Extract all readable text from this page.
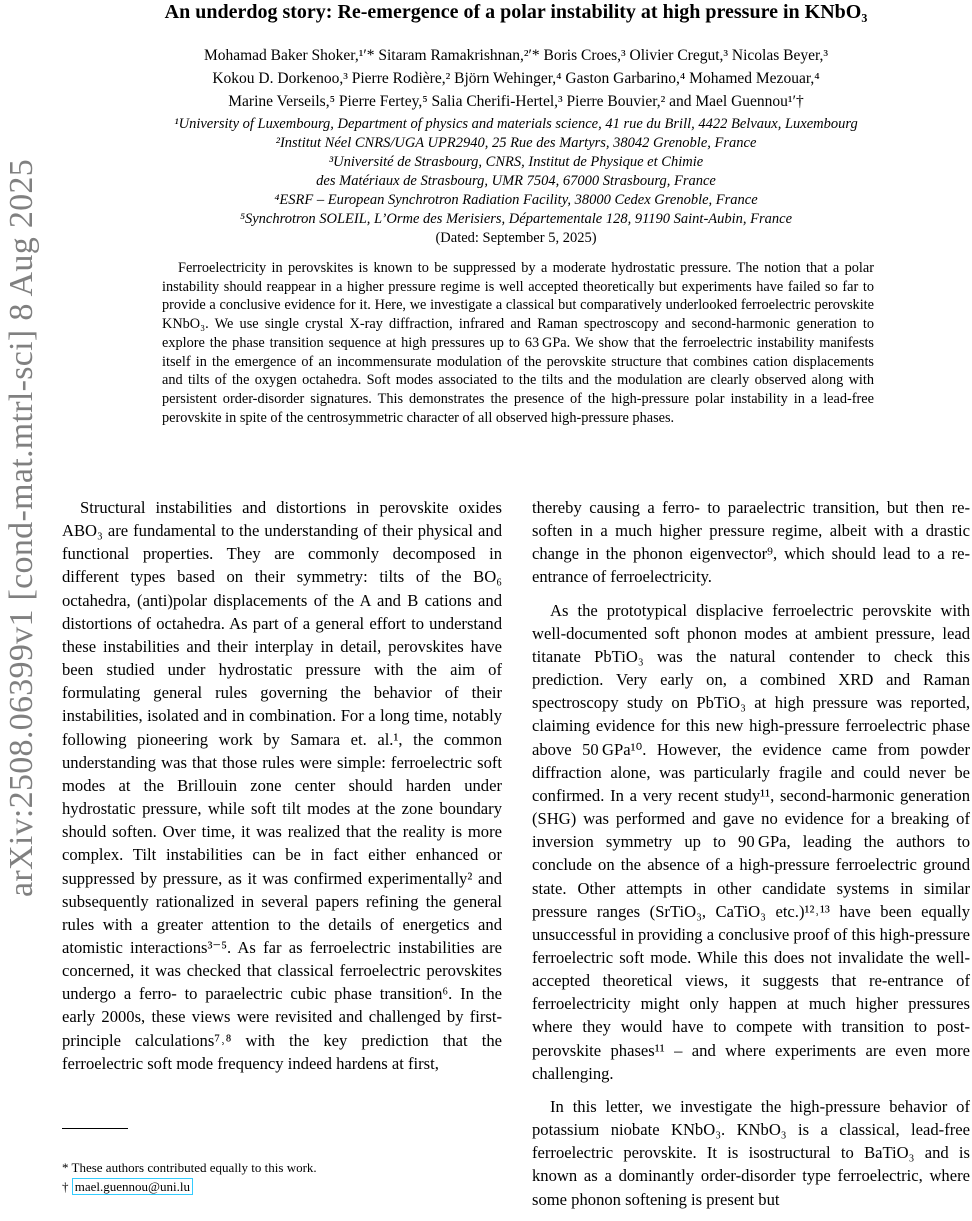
arXiv:2508.06399v1 [cond-mat.mtrl-sci] 8 Aug 2025
An underdog story: Re-emergence of a polar instability at high pressure in KNbO₃
Mohamad Baker Shoker,¹′* Sitaram Ramakrishnan,²′* Boris Croes,³ Olivier Cregut,³ Nicolas Beyer,³
Kokou D. Dorkenoo,³ Pierre Rodière,² Björn Wehinger,⁴ Gaston Garbarino,⁴ Mohamed Mezouar,⁴
Marine Verseils,⁵ Pierre Fertey,⁵ Salia Cherifi-Hertel,³ Pierre Bouvier,² and Mael Guennou¹′†
¹University of Luxembourg, Department of physics and materials science, 41 rue du Brill, 4422 Belvaux, Luxembourg
²Institut Néel CNRS/UGA UPR2940, 25 Rue des Martyrs, 38042 Grenoble, France
³Université de Strasbourg, CNRS, Institut de Physique et Chimie
des Matériaux de Strasbourg, UMR 7504, 67000 Strasbourg, France
⁴ESRF – European Synchrotron Radiation Facility, 38000 Cedex Grenoble, France
⁵Synchrotron SOLEIL, L’Orme des Merisiers, Départementale 128, 91190 Saint-Aubin, France
(Dated: September 5, 2025)

Ferroelectricity in perovskites is known to be suppressed by a moderate hydrostatic pressure. The notion that a polar instability should reappear in a higher pressure regime is well accepted theoretically but experiments have failed so far to provide a conclusive evidence for it. Here, we investigate a classical but comparatively underlooked ferroelectric perovskite KNbO₃. We use single crystal X-ray diffraction, infrared and Raman spectroscopy and second-harmonic generation to explore the phase transition sequence at high pressures up to 63 GPa. We show that the ferroelectric instability manifests itself in the emergence of an incommensurate modulation of the perovskite structure that combines cation displacements and tilts of the oxygen octahedra. Soft modes associated to the tilts and the modulation are clearly observed along with persistent order-disorder signatures. This demonstrates the presence of the high-pressure polar instability in a lead-free perovskite in spite of the centrosymmetric character of all observed high-pressure phases.

Structural instabilities and distortions in perovskite oxides ABO₃ are fundamental to the understanding of their physical and functional properties. They are commonly decomposed in different types based on their symmetry: tilts of the BO₆ octahedra, (anti)polar displacements of the A and B cations and distortions of octahedra. As part of a general effort to understand these instabilities and their interplay in detail, perovskites have been studied under hydrostatic pressure with the aim of formulating general rules governing the behavior of their instabilities, isolated and in combination. For a long time, notably following pioneering work by Samara et. al.¹, the common understanding was that those rules were simple: ferroelectric soft modes at the Brillouin zone center should harden under hydrostatic pressure, while soft tilt modes at the zone boundary should soften. Over time, it was realized that the reality is more complex. Tilt instabilities can be in fact either enhanced or suppressed by pressure, as it was confirmed experimentally² and subsequently rationalized in several papers refining the general rules with a greater attention to the details of energetics and atomistic interactions³⁻⁵. As far as ferroelectric instabilities are concerned, it was checked that classical ferroelectric perovskites undergo a ferro- to paraelectric cubic phase transition⁶. In the early 2000s, these views were revisited and challenged by first-principle calculations⁷˒⁸ with the key prediction that the ferroelectric soft mode frequency indeed hardens at first,

thereby causing a ferro- to paraelectric transition, but then re-soften in a much higher pressure regime, albeit with a drastic change in the phonon eigenvector⁹, which should lead to a re-entrance of ferroelectricity.

As the prototypical displacive ferroelectric perovskite with well-documented soft phonon modes at ambient pressure, lead titanate PbTiO₃ was the natural contender to check this prediction. Very early on, a combined XRD and Raman spectroscopy study on PbTiO₃ at high pressure was reported, claiming evidence for this new high-pressure ferroelectric phase above 50 GPa¹⁰. However, the evidence came from powder diffraction alone, was particularly fragile and could never be confirmed. In a very recent study¹¹, second-harmonic generation (SHG) was performed and gave no evidence for a breaking of inversion symmetry up to 90 GPa, leading the authors to conclude on the absence of a high-pressure ferroelectric ground state. Other attempts in other candidate systems in similar pressure ranges (SrTiO₃, CaTiO₃ etc.)¹²˒¹³ have been equally unsuccessful in providing a conclusive proof of this high-pressure ferroelectric soft mode. While this does not invalidate the well-accepted theoretical views, it suggests that re-entrance of ferroelectricity might only happen at much higher pressures where they would have to compete with transition to post-perovskite phases¹¹ – and where experiments are even more challenging.

In this letter, we investigate the high-pressure behavior of potassium niobate KNbO₃. KNbO₃ is a classical, lead-free ferroelectric perovskite. It is isostructural to BaTiO₃ and is known as a dominantly order-disorder type ferroelectric, where some phonon softening is present but

* These authors contributed equally to this work.
† mael.guennou@uni.lu
